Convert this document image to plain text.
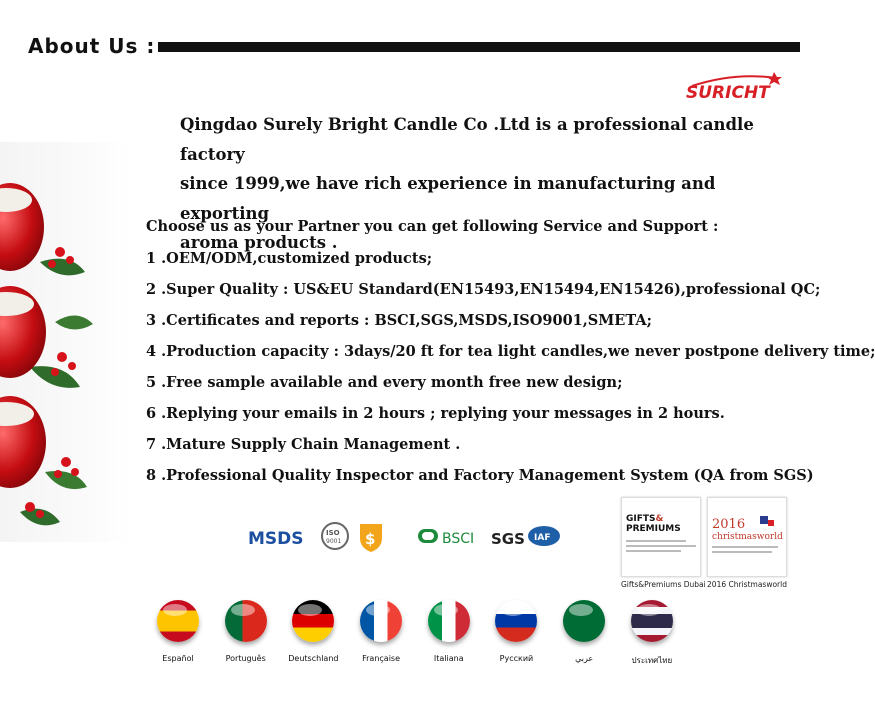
About Us :
SURICHT
Qingdao Surely Bright Candle Co .Ltd is a professional candle factory
since 1999,we have rich experience in manufacturing and exporting
aroma products .
Choose us as your Partner you can get following Service and Support :
1 .OEM/ODM,customized products;
2 .Super Quality : US&EU Standard(EN15493,EN15494,EN15426),professional QC;
3 .Certificates and reports : BSCI,SGS,MSDS,ISO9001,SMETA;
4 .Production capacity : 3days/20 ft for tea light candles,we never postpone delivery time;
5 .Free sample available and every month free new design;
6 .Replying your emails in 2 hours ; replying your messages in 2 hours.
7 .Mature Supply Chain Management .
8 .Professional Quality Inspector and Factory Management System (QA from SGS)
MSDS	ISO
9001 $	BSCI SGS IAF
GIFTS&
PREMIUMS
Gifts&Premiums Dubai
2016
christmasworld
2016 Christmasworld
Español	Português	Deutschland	Française	Italiana	Русский	عربي	ประเทศไทย
